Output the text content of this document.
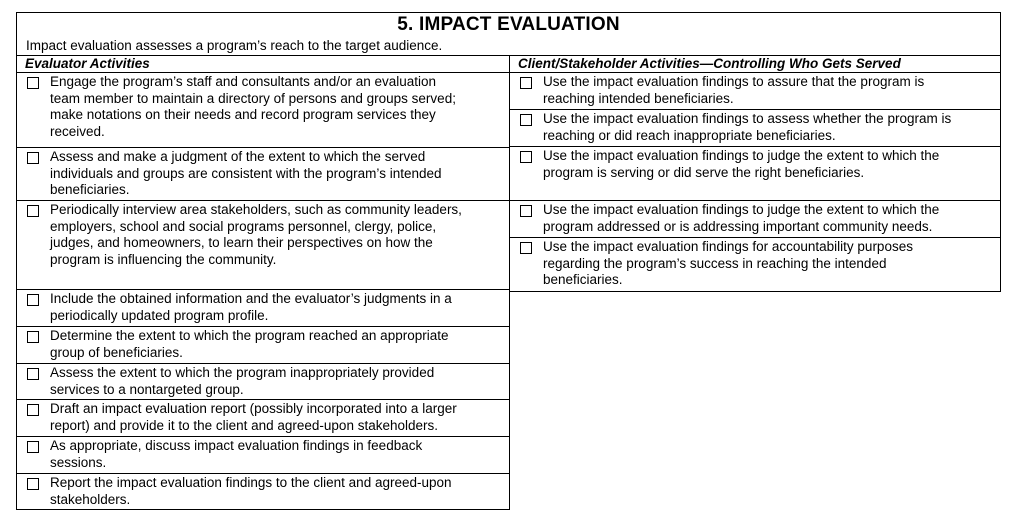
5. IMPACT EVALUATION
Impact evaluation assesses a program’s reach to the target audience.
Evaluator Activities	Client/Stakeholder Activities—Controlling Who Gets Served
Engage the program’s staff and consultants and/or an evaluation
team member to maintain a directory of persons and groups served;
make notations on their needs and record program services they
received.
Assess and make a judgment of the extent to which the served
individuals and groups are consistent with the program’s intended
beneficiaries.
Periodically interview area stakeholders, such as community leaders,
employers, school and social programs personnel, clergy, police,
judges, and homeowners, to learn their perspectives on how the
program is influencing the community.
Include the obtained information and the evaluator’s judgments in a
periodically updated program profile.
Determine the extent to which the program reached an appropriate
group of beneficiaries.
Assess the extent to which the program inappropriately provided
services to a nontargeted group.
Draft an impact evaluation report (possibly incorporated into a larger
report) and provide it to the client and agreed-upon stakeholders.
As appropriate, discuss impact evaluation findings in feedback
sessions.
Report the impact evaluation findings to the client and agreed-upon
stakeholders.
Use the impact evaluation findings to assure that the program is
reaching intended beneficiaries.
Use the impact evaluation findings to assess whether the program is
reaching or did reach inappropriate beneficiaries.
Use the impact evaluation findings to judge the extent to which the
program is serving or did serve the right beneficiaries.
Use the impact evaluation findings to judge the extent to which the
program addressed or is addressing important community needs.
Use the impact evaluation findings for accountability purposes
regarding the program’s success in reaching the intended
beneficiaries.
